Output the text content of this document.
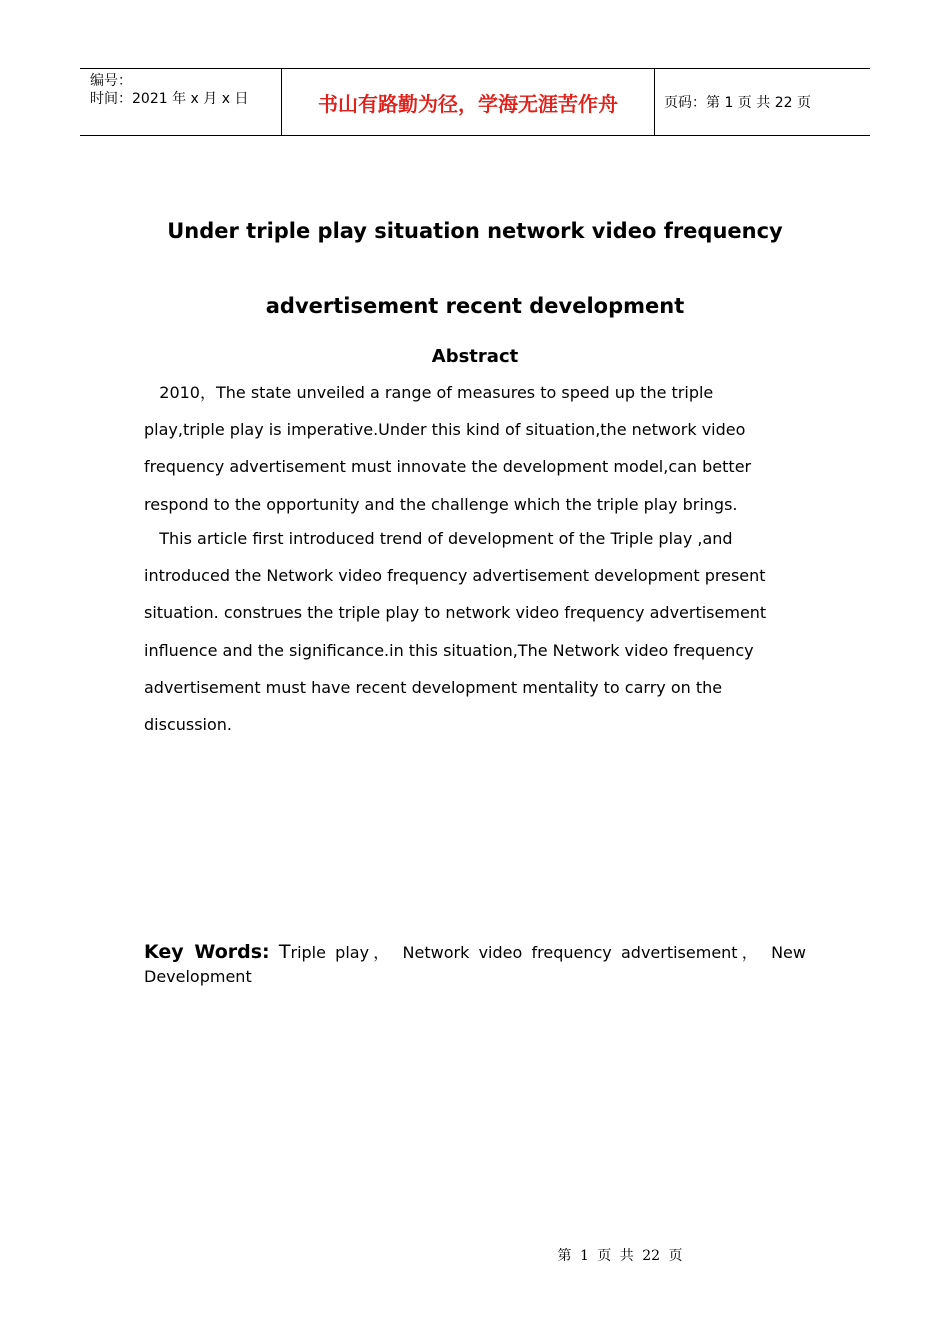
编号：
时间：2021 年 x 月 x 日	书山有路勤为径，学海无涯苦作舟	页码：第 1 页 共 22 页
Under triple play situation network video frequency
advertisement recent development
Abstract
2010，The state unveiled a range of measures to speed up the triple
play,triple play is imperative.Under this kind of situation,the network video
frequency advertisement must innovate the development model,can better
respond to the opportunity and the challenge which the triple play brings.
This article first introduced trend of development of the Triple play ,and
introduced the Network video frequency advertisement development present
situation. construes the triple play to network video frequency advertisement
influence and the significance.in this situation,The Network video frequency
advertisement must have recent development mentality to carry on the
discussion.
Key Words: Triple play， Network video frequency advertisement， New Development
第 1 页 共 22 页
